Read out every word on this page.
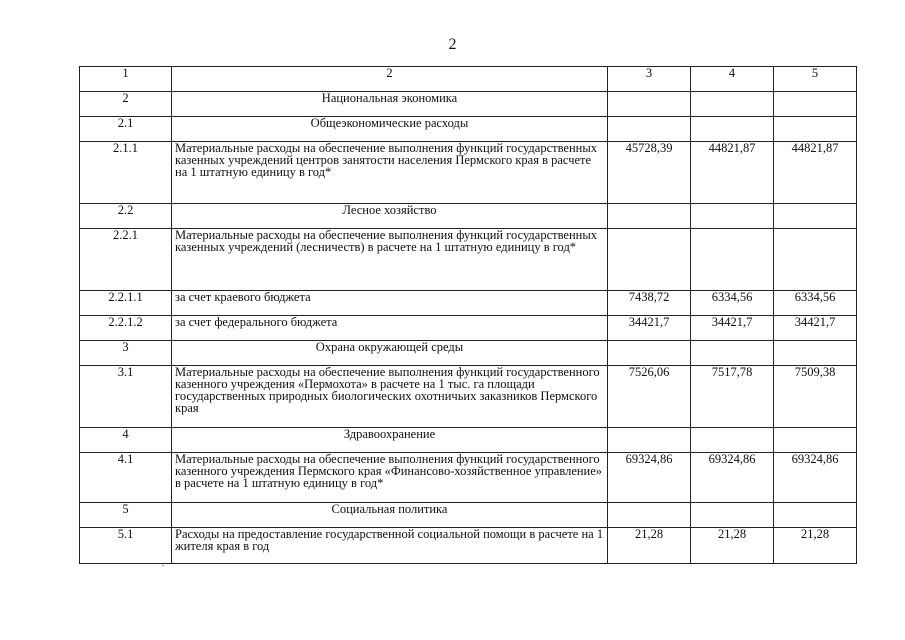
2
1	2	3	4	5
2	Национальная экономика			
2.1	Общеэкономические расходы			
2.1.1	Материальные расходы на обеспечение выполнения функций государственных казенных учреждений центров занятости населения Пермского края в расчете на 1 штатную единицу в год*	45728,39	44821,87	44821,87
2.2	Лесное хозяйство			
2.2.1	Материальные расходы на обеспечение выполнения функций государственных казенных учреждений (лесничеств) в расчете на 1 штатную единицу в год*			
2.2.1.1	за счет краевого бюджета	7438,72	6334,56	6334,56
2.2.1.2	за счет федерального бюджета	34421,7	34421,7	34421,7
3	Охрана окружающей среды			
3.1	Материальные расходы на обеспечение выполнения функций государственного казенного учреждения «Пермохота» в расчете на 1 тыс. га площади государственных природных биологических охотничьих заказников Пермского края	7526,06	7517,78	7509,38
4	Здравоохранение			
4.1	Материальные расходы на обеспечение выполнения функций государственного казенного учреждения Пермского края «Финансово-хозяйственное управление» в расчете на 1 штатную единицу в год*	69324,86	69324,86	69324,86
5	Социальная политика			
5.1	Расходы на предоставление государственной социальной помощи в расчете на 1 жителя края в год	21,28	21,28	21,28
